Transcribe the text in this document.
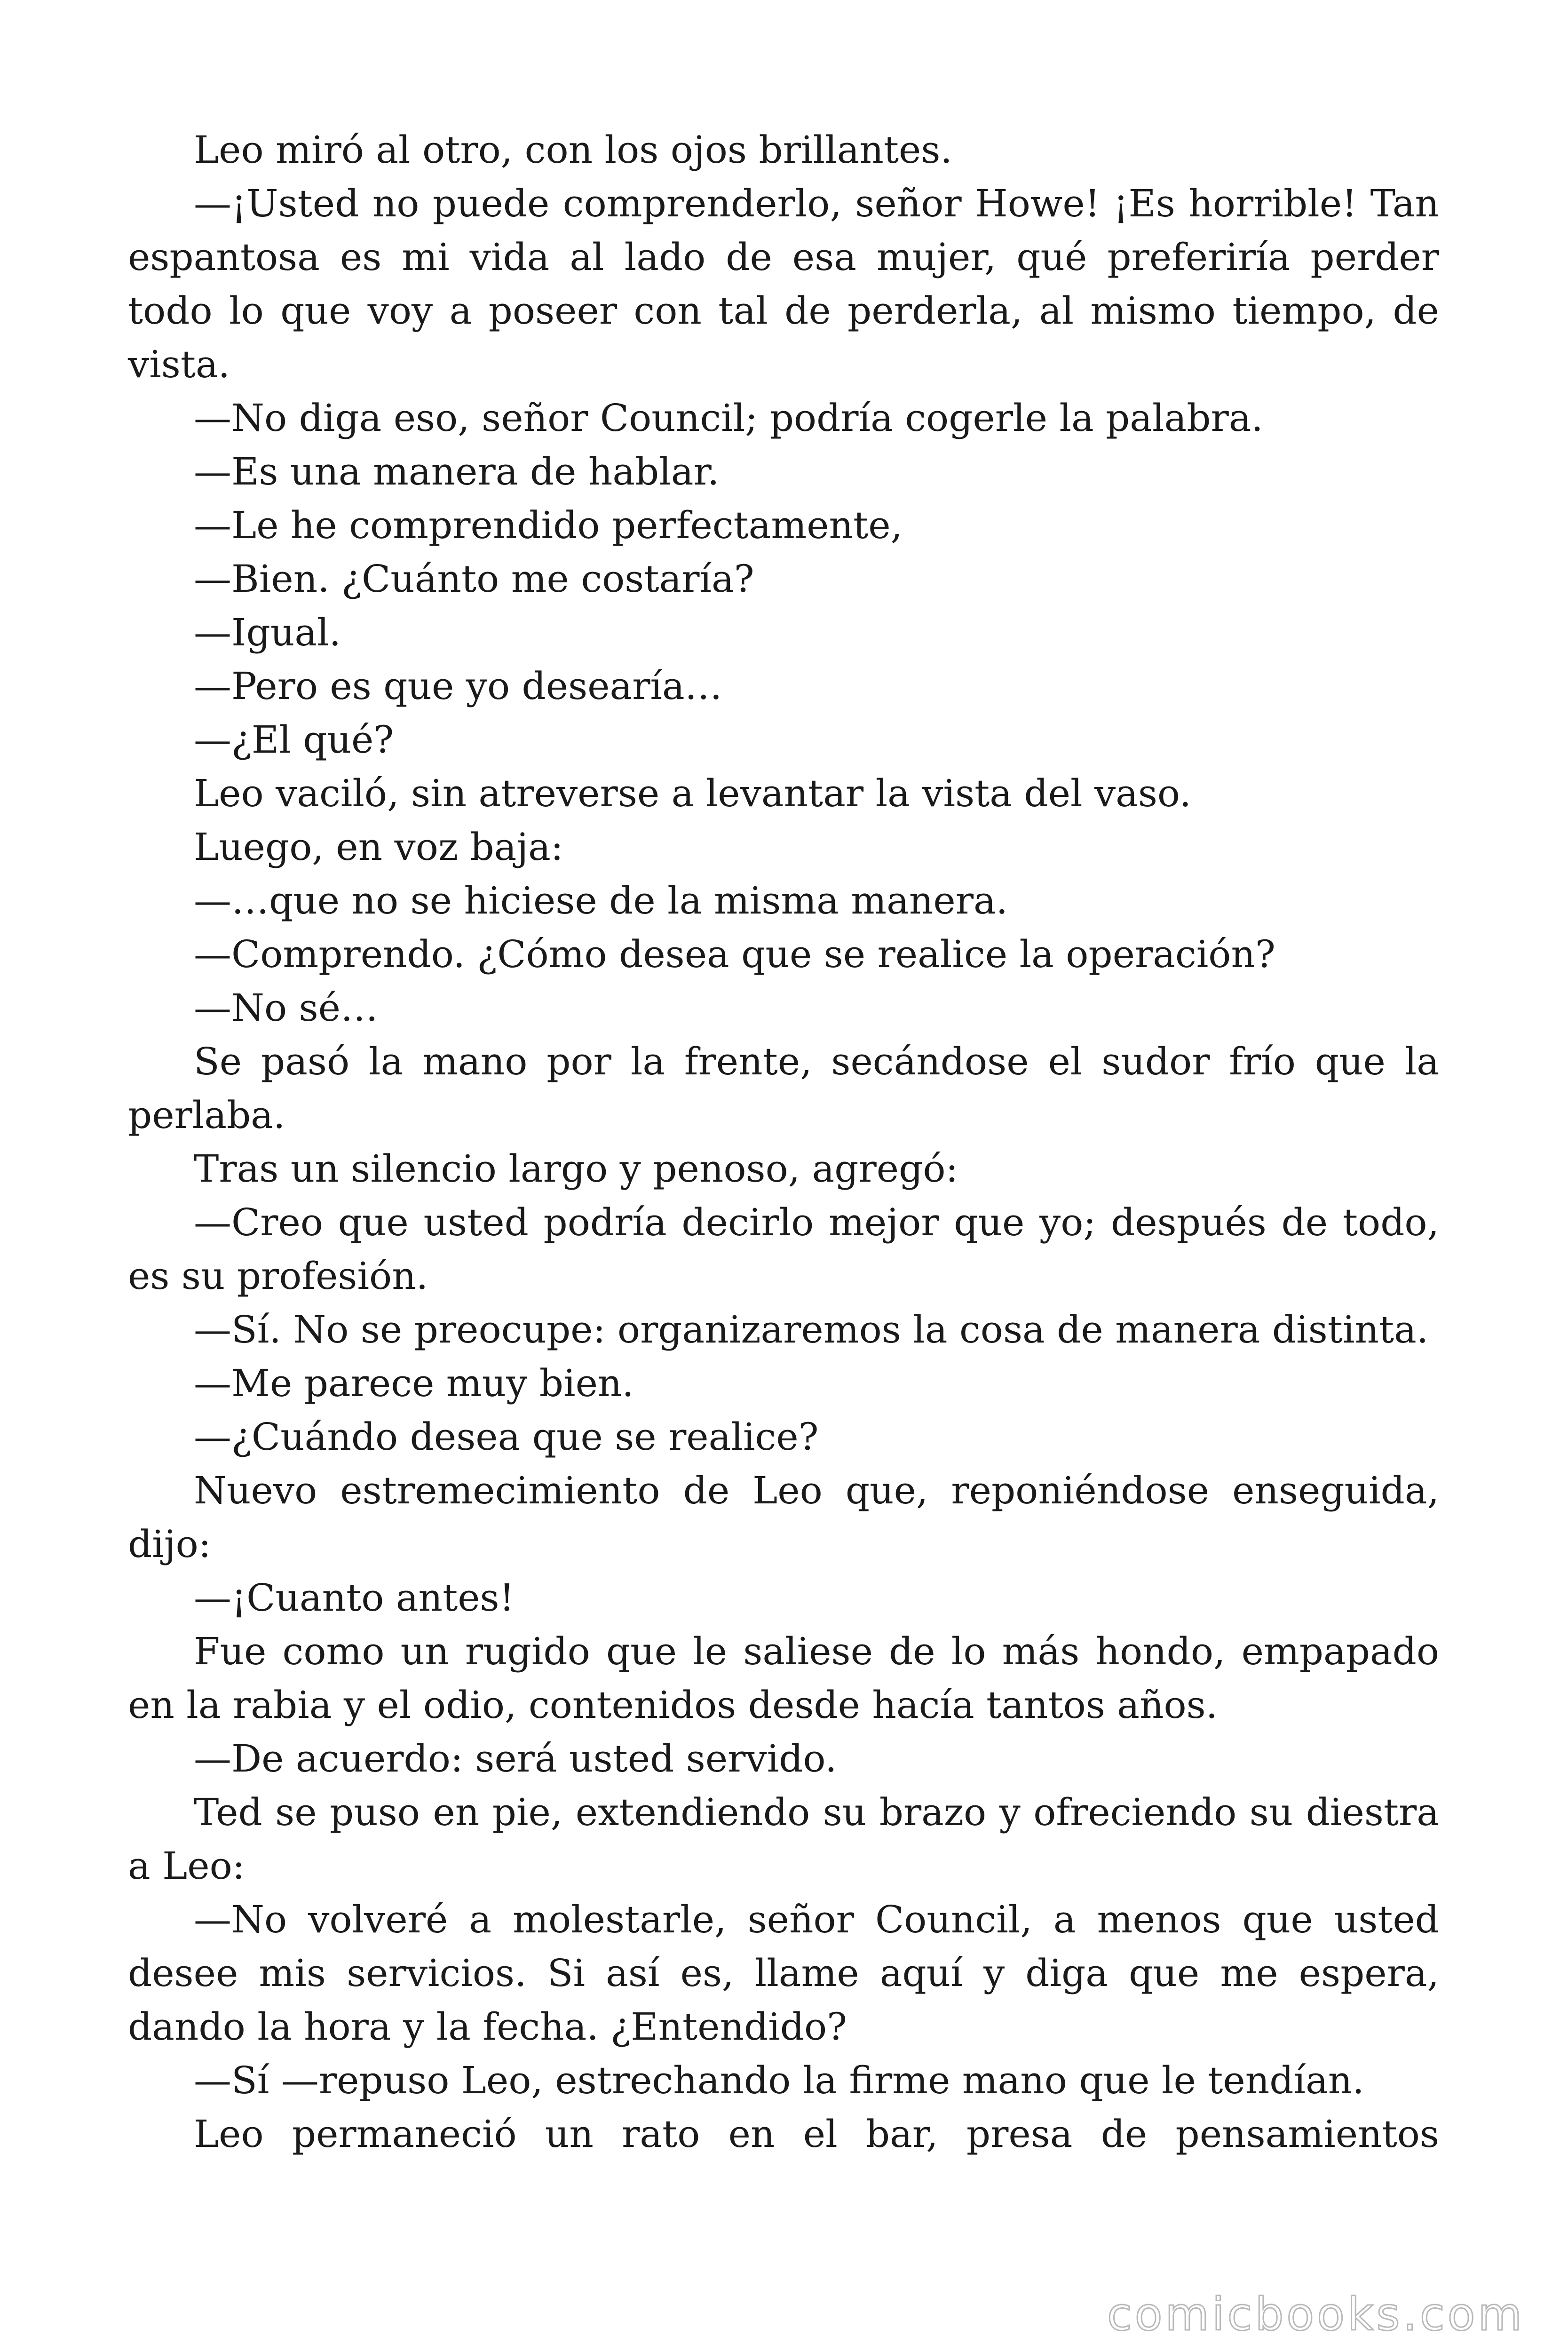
Leo miró al otro, con los ojos brillantes.

—¡Usted no puede comprenderlo, señor Howe! ¡Es horrible! Tan espantosa es mi vida al lado de esa mujer, qué preferiría perder todo lo que voy a poseer con tal de perderla, al mismo tiempo, de vista.

—No diga eso, señor Council; podría cogerle la palabra.

—Es una manera de hablar.

—Le he comprendido perfectamente,

—Bien. ¿Cuánto me costaría?

—Igual.

—Pero es que yo desearía…

—¿El qué?

Leo vaciló, sin atreverse a levantar la vista del vaso.

Luego, en voz baja:

—…que no se hiciese de la misma manera.

—Comprendo. ¿Cómo desea que se realice la operación?

—No sé…

Se pasó la mano por la frente, secándose el sudor frío que la perlaba.

Tras un silencio largo y penoso, agregó:

—Creo que usted podría decirlo mejor que yo; después de todo, es su profesión.

—Sí. No se preocupe: organizaremos la cosa de manera distinta.

—Me parece muy bien.

—¿Cuándo desea que se realice?

Nuevo estremecimiento de Leo que, reponiéndose enseguida, dijo:

—¡Cuanto antes!

Fue como un rugido que le saliese de lo más hondo, empapado en la rabia y el odio, contenidos desde hacía tantos años.

—De acuerdo: será usted servido.

Ted se puso en pie, extendiendo su brazo y ofreciendo su diestra a Leo:

—No volveré a molestarle, señor Council, a menos que usted desee mis servicios. Si así es, llame aquí y diga que me espera, dando la hora y la fecha. ¿Entendido?

—Sí —repuso Leo, estrechando la firme mano que le tendían.

Leo permaneció un rato en el bar, presa de pensamientos

comicbooks.com
